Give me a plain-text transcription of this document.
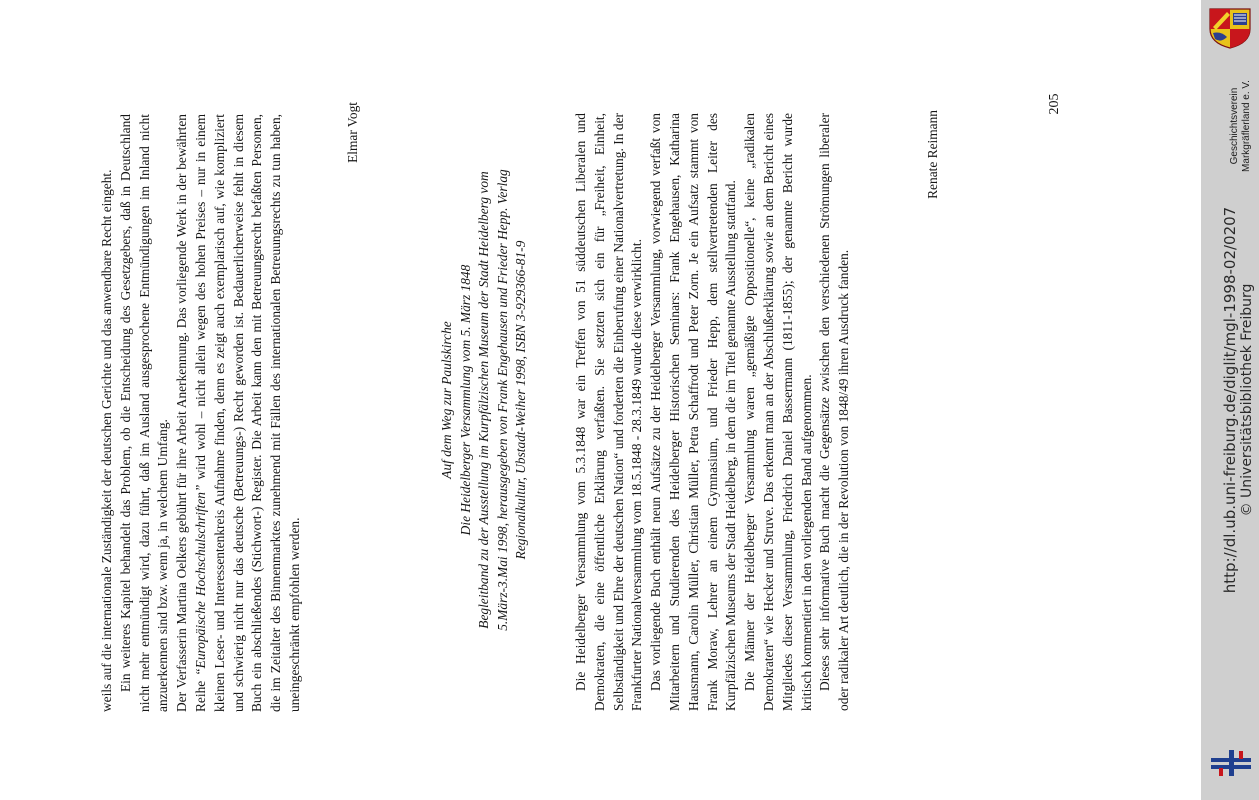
weils auf die internationale Zuständigkeit der deutschen Gerichte und das anwendbare Recht eingeht. Ein weiteres Kapitel behandelt das Problem, ob die Entscheidung des Gesetzgebers, daß in Deutschland nicht mehr entmündigt wird, dazu führt, daß im Ausland ausgesprochene Entmündigungen im Inland nicht anzuerkennen sind bzw. wenn ja, in welchem Umfang. Der Verfasserin Martina Oelkers gebührt für ihre Arbeit Anerkennung. Das vorliegende Werk in der bewährten Reihe “Europäische Hochschulschriften” wird wohl – nicht allein wegen des hohen Preises – nur in einem kleinen Leser- und Interessentenkreis Aufnahme finden, denn es zeigt auch exemplarisch auf, wie kompliziert und schwierig nicht nur das deutsche (Betreuungs-) Recht geworden ist. Bedauerlicherweise fehlt in diesem Buch ein abschließendes (Stichwort-) Register. Die Arbeit kann den mit Betreuungsrecht befaßten Personen, die im Zeitalter des Binnenmarktes zunehmend mit Fällen des internationalen Betreuungsrechts zu tun haben, uneingeschränkt empfohlen werden.

Elmar Vogt
Auf dem Weg zur Paulskirche Die Heidelberger Versammlung vom 5. März 1848 Begleitband zu der Ausstellung im Kurpfälzischen Museum der Stadt Heidelberg vom 5.März-3.Mai 1998, herausgegeben von Frank Engehausen und Frieder Hepp. Verlag Regionalkultur, Ubstadt-Weiher 1998, ISBN 3-929366-81-9	Die Heidelberger Versammlung vom 5.3.1848 war ein Treffen von 51 süddeutschen Liberalen und Demokraten, die eine öffentliche Erklärung verfaßten. Sie setzten sich ein für „Freiheit, Einheit, Selbständigkeit und Ehre der deutschen Nation“ und forderten die Einberufung einer Nationalvertretung. In der Frankfurter Nationalversammlung vom 18.5.1848 - 28.3.1849 wurde diese verwirklicht. Das vorliegende Buch enthält neun Aufsätze zu der Heidelberger Versammlung, vorwiegend verfaßt von Mitarbeitern und Studierenden des Heidelberger Historischen Seminars: Frank Engehausen, Katharina Hausmann, Carolin Müller, Christian Müller, Petra Schaffrodt und Peter Zorn. Je ein Aufsatz stammt von Frank Moraw, Lehrer an einem Gymnasium, und Frieder Hepp, dem stellvertretenden Leiter des Kurpfälzischen Museums der Stadt Heidelberg, in dem die im Titel genannte Ausstellung stattfand. Die Männer der Heidelberger Versammlung waren „gemäßigte Oppositionelle“, keine „radikalen Demokraten“ wie Hecker und Struve. Das erkennt man an der Abschlußerklärung sowie an dem Bericht eines Mitgliedes dieser Versammlung, Friedrich Daniel Bassermann (1811-1855); der genannte Bericht wurde kritisch kommentiert in den vorliegenden Band aufgenommen. Dieses sehr informative Buch macht die Gegensätze zwischen den verschiedenen Strömungen liberaler oder radikaler Art deutlich, die in der Revolution von 1848/49 ihren Ausdruck fanden.

Renate Reimann
205	Geschichtsverein Markgräflerland e. V.
http://dl.ub.uni-freiburg.de/diglit/mgl-1998-02/0207 © Universitätsbibliothek Freiburg
